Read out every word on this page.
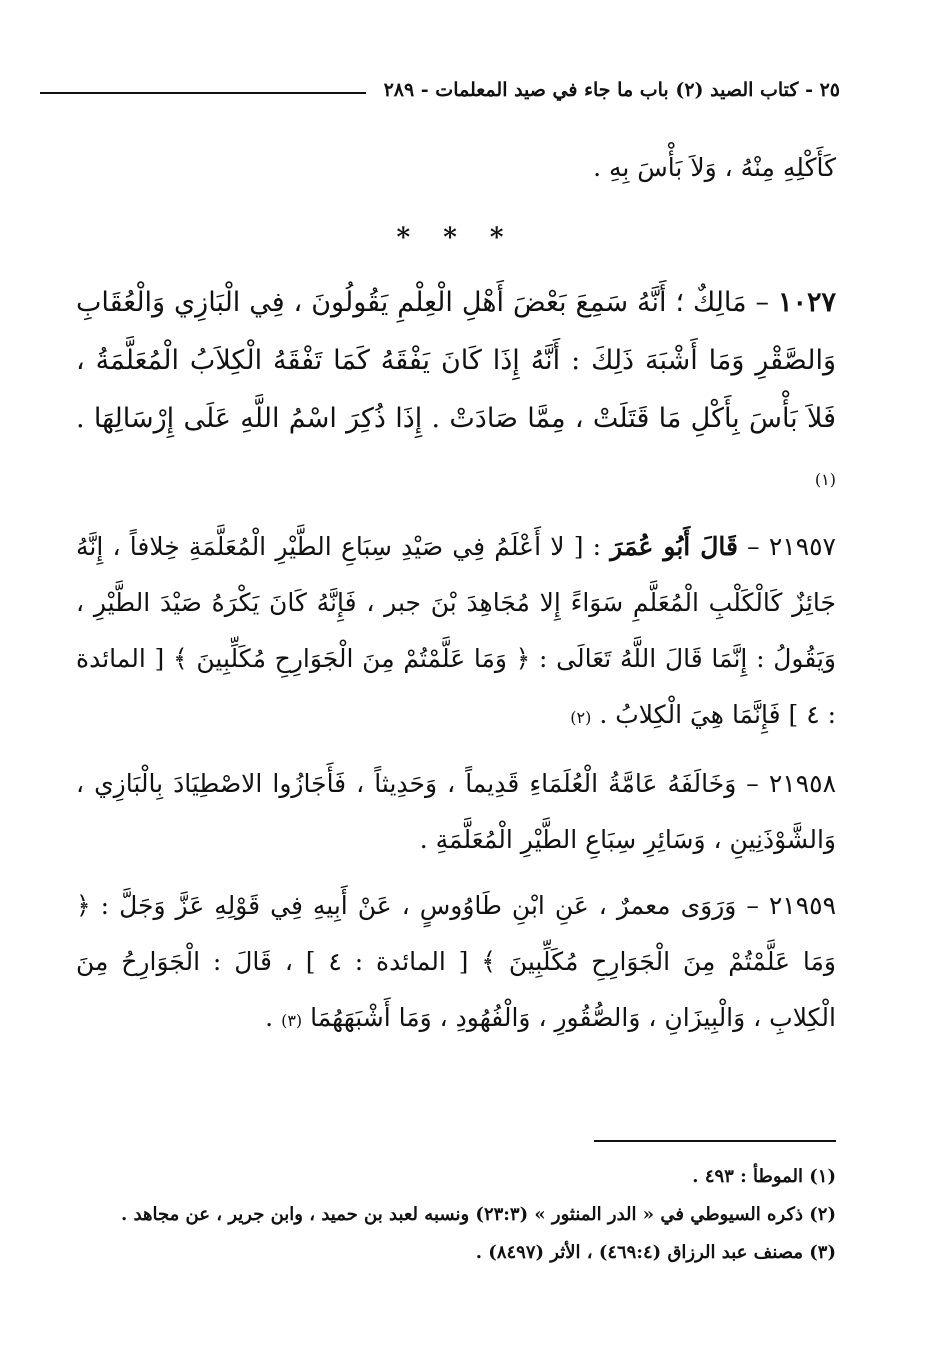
٢٥ - كتاب الصيد (٢) باب ما جاء في صيد المعلمات - ٢٨٩

كَأَكْلِهِ مِنْهُ ، وَلاَ بَأْسَ بِهِ .

* * *

١٠٢٧ – مَالِكٌ ؛ أَنَّهُ سَمِعَ بَعْضَ أَهْلِ الْعِلْمِ يَقُولُونَ ، فِي الْبَازِي وَالْعُقَابِ وَالصَّقْرِ وَمَا أَشْبَهَ ذَلِكَ : أَنَّهُ إِذَا كَانَ يَفْقَهُ كَمَا تَفْقَهُ الْكِلاَبُ الْمُعَلَّمَةُ ، فَلاَ بَأْسَ بِأَكْلِ مَا قَتَلَتْ ، مِمَّا صَادَتْ . إِذَا ذُكِرَ اسْمُ اللَّهِ عَلَى إِرْسَالِهَا . (١)

٢١٩٥٧ – قَالَ أَبُو عُمَرَ : [ لا أَعْلَمُ فِي صَيْدِ سِبَاعِ الطَّيْرِ الْمُعَلَّمَةِ خِلافاً ، إِنَّهُ جَائِزٌ كَالْكَلْبِ الْمُعَلَّمِ سَوَاءً إِلا مُجَاهِدَ بْنَ جبر ، فَإِنَّهُ كَانَ يَكْرَهُ صَيْدَ الطَّيْرِ ، وَيَقُولُ : إِنَّمَا قَالَ اللَّهُ تَعَالَى : ﴿ وَمَا عَلَّمْتُمْ مِنَ الْجَوَارِحِ مُكَلِّبِينَ ﴾ [ المائدة : ٤ ] فَإِنَّمَا هِيَ الْكِلابُ . (٢)

٢١٩٥٨ – وَخَالَفَهُ عَامَّةُ الْعُلَمَاءِ قَدِيماً ، وَحَدِيثاً ، فَأَجَازُوا الاصْطِيَادَ بِالْبَازِي ، وَالشَّوْذَنِينِ ، وَسَائِرِ سِبَاعِ الطَّيْرِ الْمُعَلَّمَةِ .

٢١٩٥٩ – وَرَوَى معمرٌ ، عَنِ ابْنِ طَاوُوسٍ ، عَنْ أَبِيهِ فِي قَوْلِهِ عَزَّ وَجَلَّ : ﴿ وَمَا عَلَّمْتُمْ مِنَ الْجَوَارِحِ مُكَلِّبِينَ ﴾ [ المائدة : ٤ ] ، قَالَ : الْجَوَارِحُ مِنَ الْكِلابِ ، وَالْبِيزَانِ ، وَالصُّقُورِ ، وَالْفُهُودِ ، وَمَا أَشْبَهَهُمَا (٣) .

(١) الموطأ : ٤٩٣ .
(٢) ذكره السيوطي في « الدر المنثور » (٢٣:٣) ونسبه لعبد بن حميد ، وابن جرير ، عن مجاهد .
(٣) مصنف عبد الرزاق (٤٦٩:٤) ، الأثر (٨٤٩٧) .
